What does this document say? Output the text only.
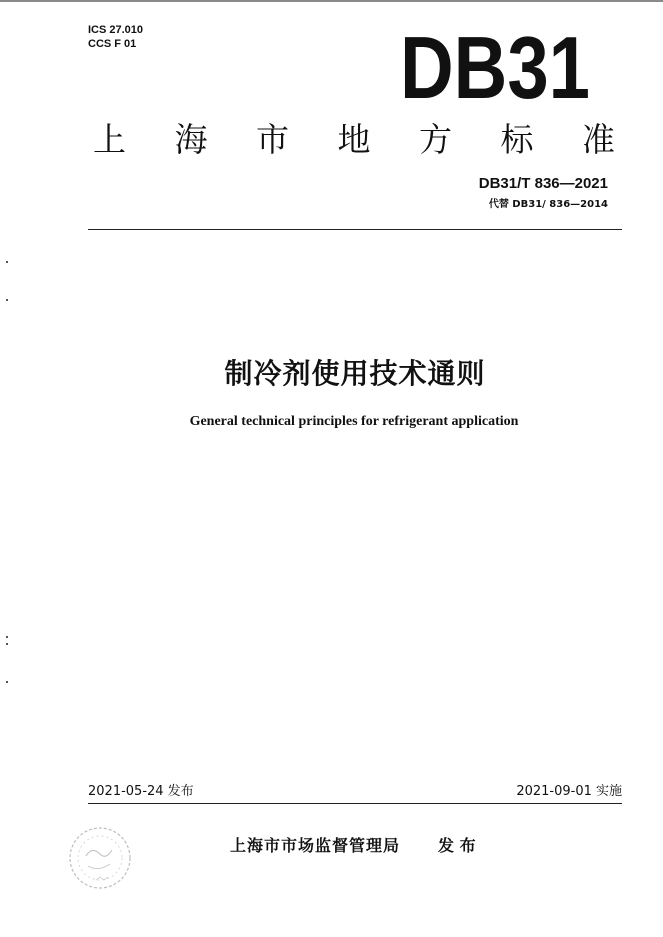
ICS 27.010
CCS F 01	DB31
上 海 市 地 方 标 准
DB31/T 836—2021
代替 DB31/ 836—2014
制冷剂使用技术通则
General technical principles for refrigerant application
2021-05-24 发布	2021-09-01 实施
上海市市场监督管理局 发 布
